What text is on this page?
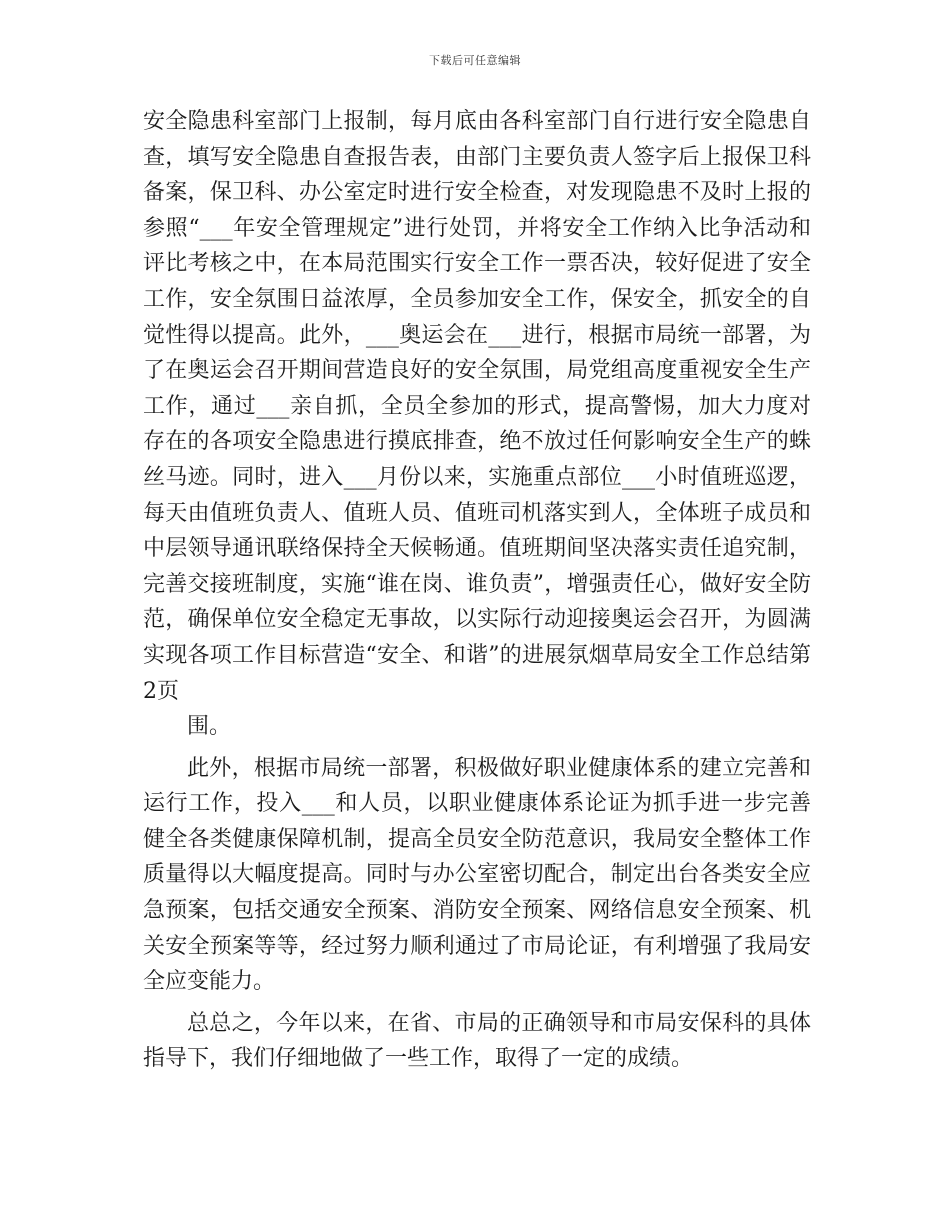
下载后可任意编辑

安全隐患科室部门上报制，每月底由各科室部门自行进行安全隐患自查，填写安全隐患自查报告表，由部门主要负责人签字后上报保卫科备案，保卫科、办公室定时进行安全检查，对发现隐患不及时上报的参照“___年安全管理规定”进行处罚，并将安全工作纳入比争活动和评比考核之中，在本局范围实行安全工作一票否决，较好促进了安全工作，安全氛围日益浓厚，全员参加安全工作，保安全，抓安全的自觉性得以提高。此外，___奥运会在___进行，根据市局统一部署，为了在奥运会召开期间营造良好的安全氛围，局党组高度重视安全生产工作，通过___亲自抓，全员全参加的形式，提高警惕，加大力度对存在的各项安全隐患进行摸底排查，绝不放过任何影响安全生产的蛛丝马迹。同时，进入___月份以来，实施重点部位___小时值班巡逻，每天由值班负责人、值班人员、值班司机落实到人，全体班子成员和中层领导通讯联络保持全天候畅通。值班期间坚决落实责任追究制，完善交接班制度，实施“谁在岗、谁负责”，增强责任心，做好安全防范，确保单位安全稳定无事故，以实际行动迎接奥运会召开，为圆满实现各项工作目标营造“安全、和谐”的进展氛烟草局安全工作总结第2页

围。

此外，根据市局统一部署，积极做好职业健康体系的建立完善和运行工作，投入___和人员，以职业健康体系论证为抓手进一步完善健全各类健康保障机制，提高全员安全防范意识，我局安全整体工作质量得以大幅度提高。同时与办公室密切配合，制定出台各类安全应急预案，包括交通安全预案、消防安全预案、网络信息安全预案、机关安全预案等等，经过努力顺利通过了市局论证，有利增强了我局安全应变能力。

总总之，今年以来，在省、市局的正确领导和市局安保科的具体指导下，我们仔细地做了一些工作，取得了一定的成绩。
